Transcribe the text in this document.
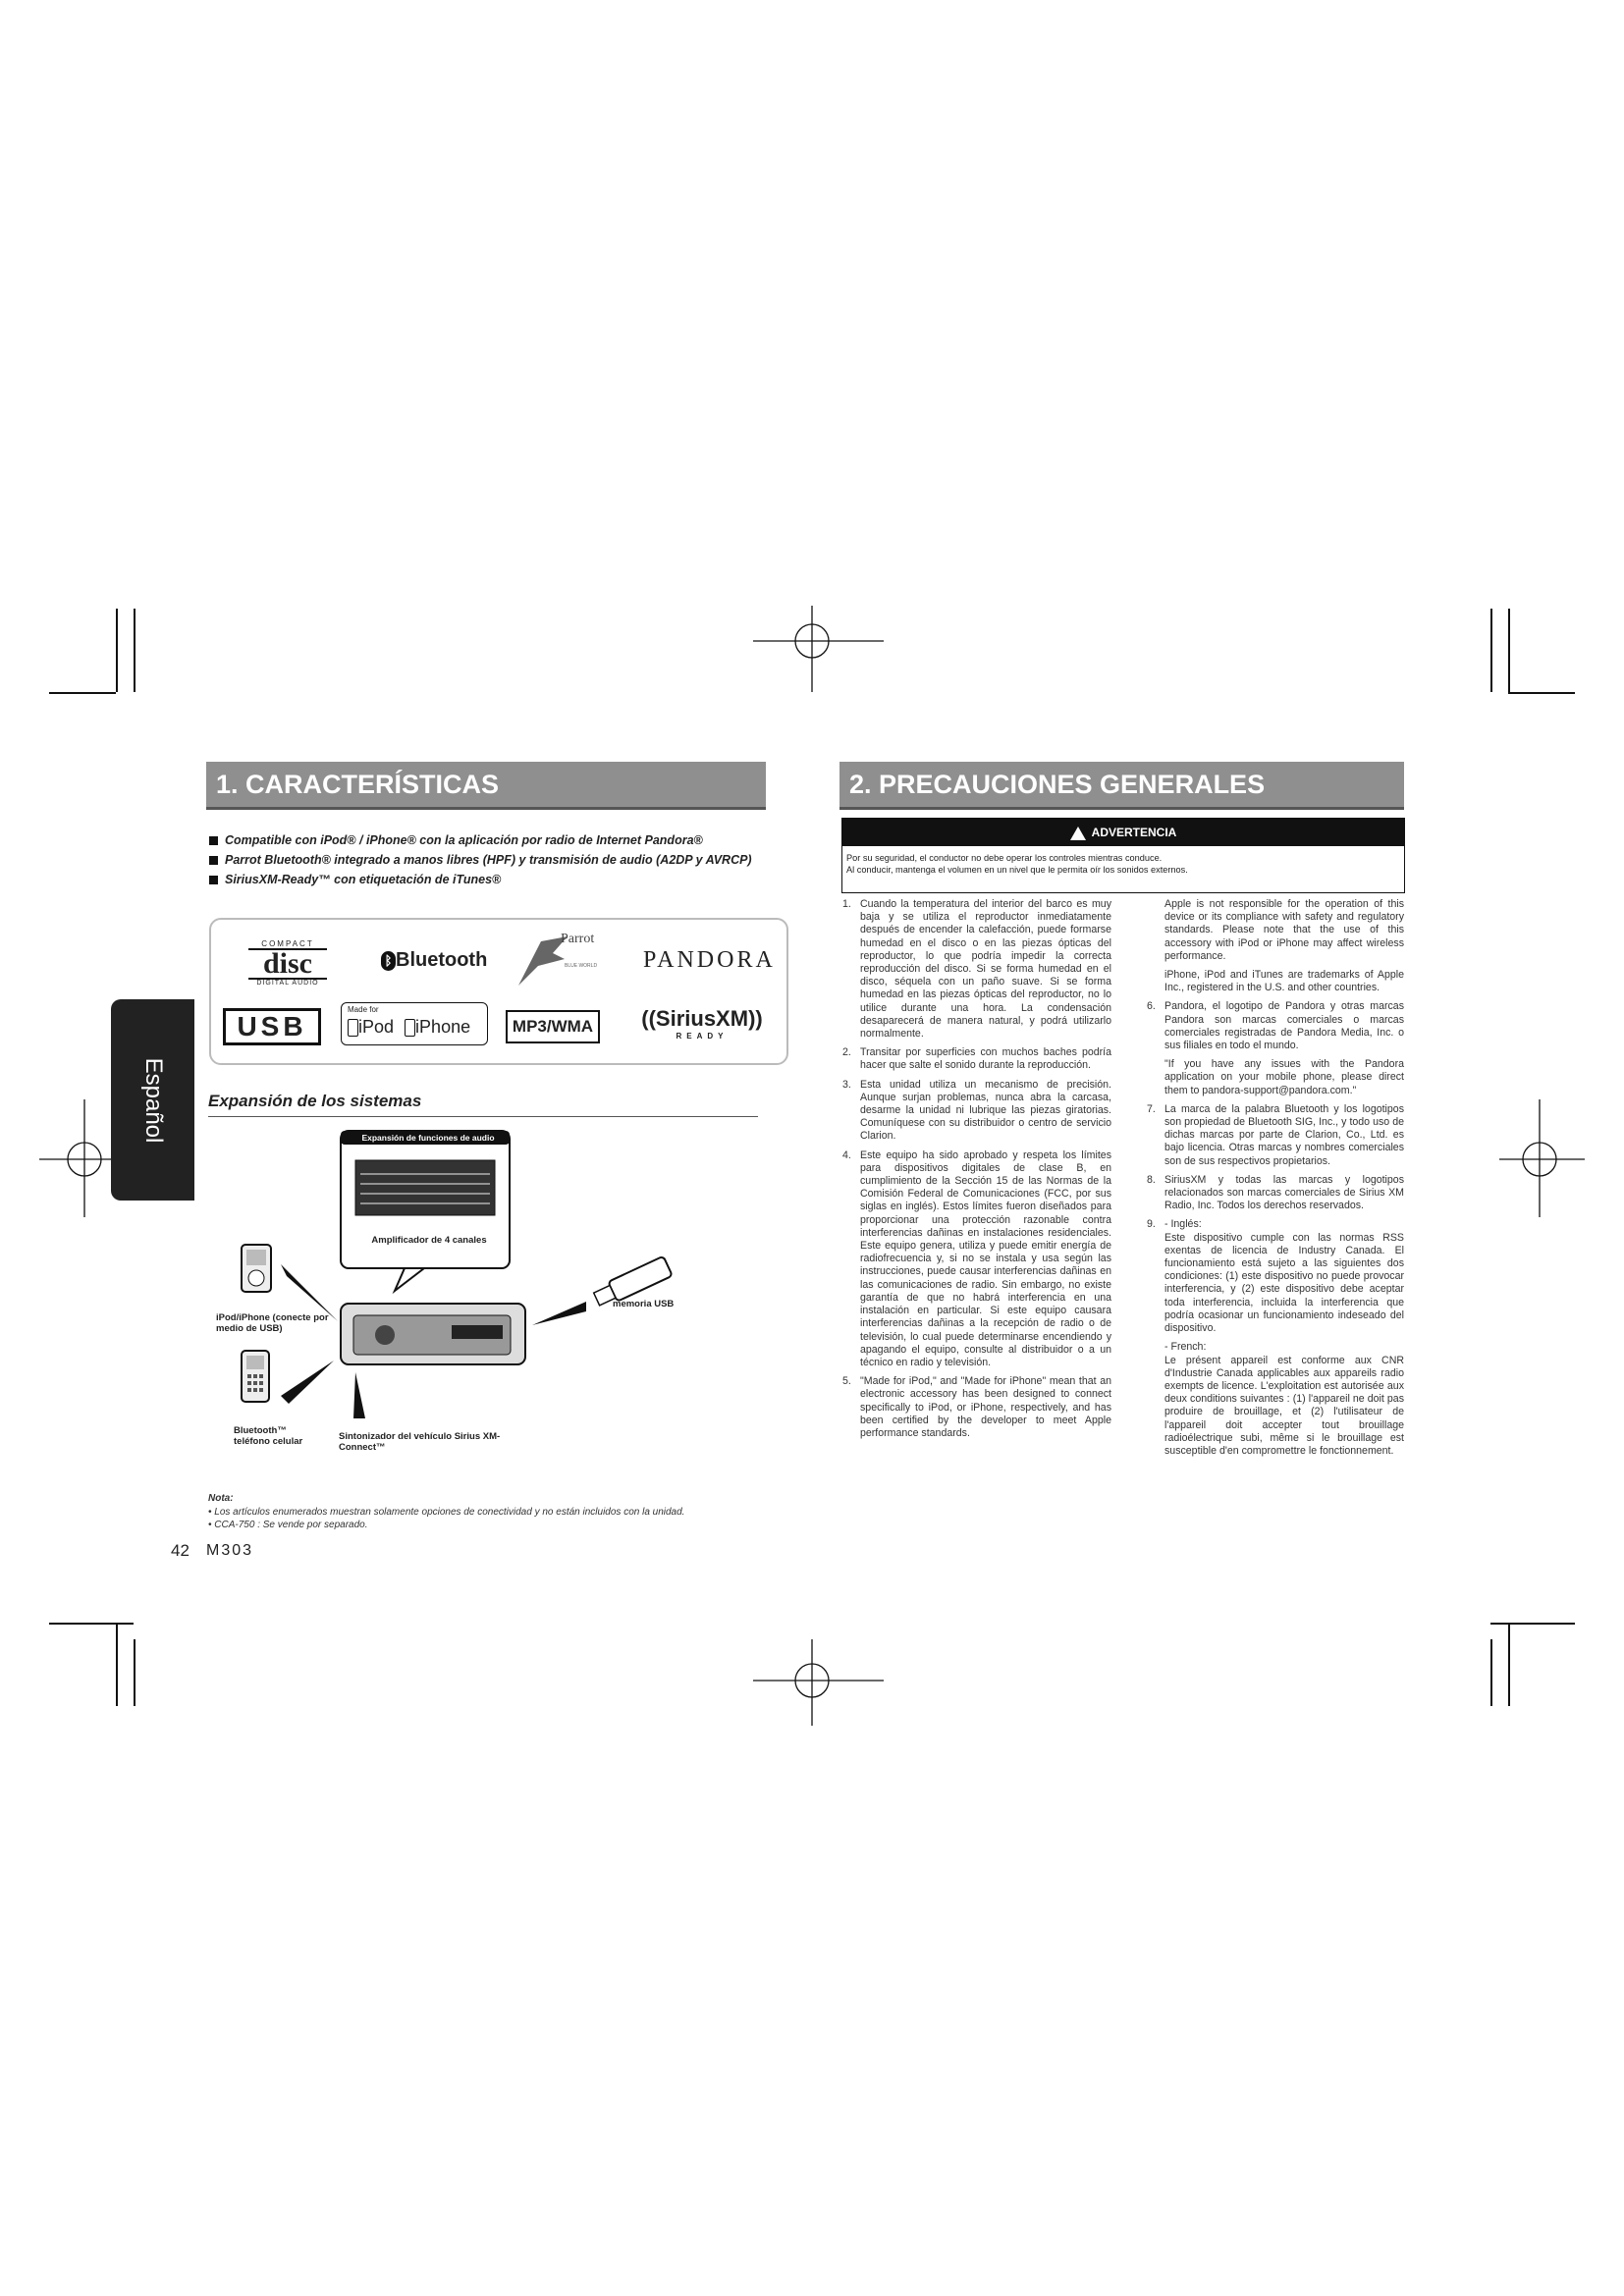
1. CARACTERÍSTICAS
Compatible con iPod® / iPhone® con la aplicación por radio de Internet Pandora®
Parrot Bluetooth® integrado a manos libres (HPF) y transmisión de audio (A2DP y AVRCP)
SiriusXM-Ready™ con etiquetación de iTunes®
COMPACT
disc
DIGITAL AUDIO
ᛒ Bluetooth
Parrot
BLUE WORLD PANDORA
USB
Made for
iPod iPhone	MP3/WMA	((SiriusXM))
READY
Español	Expansión de los sistemas
Expansión de funciones de audio
Amplificador de 4 canales
iPod/iPhone (conecte por medio de USB)
memoria USB
Bluetooth™ teléfono celular	Sintonizador del vehículo Sirius XM-Connect™
Nota:
• Los artículos enumerados muestran solamente opciones de conectividad y no están incluidos con la unidad.
• CCA-750 : Se vende por separado.
42 M303
2. PRECAUCIONES GENERALES
ADVERTENCIA
Por su seguridad, el conductor no debe operar los controles mientras conduce.
Al conducir, mantenga el volumen en un nivel que le permita oír los sonidos externos.
1. Cuando la temperatura del interior del barco es muy baja y se utiliza el reproductor inmediatamente después de encender la calefacción, puede formarse humedad en el disco o en las piezas ópticas del reproductor, lo que podría impedir la correcta reproducción del disco. Si se forma humedad en el disco, séquela con un paño suave. Si se forma humedad en las piezas ópticas del reproductor, no lo utilice durante una hora. La condensación desaparecerá de manera natural, y podrá utilizarlo normalmente.
2. Transitar por superficies con muchos baches podría hacer que salte el sonido durante la reproducción.
3. Esta unidad utiliza un mecanismo de precisión. Aunque surjan problemas, nunca abra la carcasa, desarme la unidad ni lubrique las piezas giratorias. Comuníquese con su distribuidor o centro de servicio Clarion.
4. Este equipo ha sido aprobado y respeta los límites para dispositivos digitales de clase B, en cumplimiento de la Sección 15 de las Normas de la Comisión Federal de Comunicaciones (FCC, por sus siglas en inglés). Estos límites fueron diseñados para proporcionar una protección razonable contra interferencias dañinas en instalaciones residenciales. Este equipo genera, utiliza y puede emitir energía de radiofrecuencia y, si no se instala y usa según las instrucciones, puede causar interferencias dañinas en las comunicaciones de radio. Sin embargo, no existe garantía de que no habrá interferencia en una instalación en particular. Si este equipo causara interferencias dañinas a la recepción de radio o de televisión, lo cual puede determinarse encendiendo y apagando el equipo, consulte al distribuidor o a un técnico en radio y televisión.
5. "Made for iPod," and "Made for iPhone" mean that an electronic accessory has been designed to connect specifically to iPod, or iPhone, respectively, and has been certified by the developer to meet Apple performance standards.
Apple is not responsible for the operation of this device or its compliance with safety and regulatory standards. Please note that the use of this accessory with iPod or iPhone may affect wireless performance.
iPhone, iPod and iTunes are trademarks of Apple Inc., registered in the U.S. and other countries.
6. Pandora, el logotipo de Pandora y otras marcas Pandora son marcas comerciales o marcas comerciales registradas de Pandora Media, Inc. o sus filiales en todo el mundo.
"If you have any issues with the Pandora application on your mobile phone, please direct them to pandora-support@pandora.com."
7. La marca de la palabra Bluetooth y los logotipos son propiedad de Bluetooth SIG, Inc., y todo uso de dichas marcas por parte de Clarion, Co., Ltd. es bajo licencia. Otras marcas y nombres comerciales son de sus respectivos propietarios.
8. SiriusXM y todas las marcas y logotipos relacionados son marcas comerciales de Sirius XM Radio, Inc. Todos los derechos reservados.
9. - Inglés:
Este dispositivo cumple con las normas RSS exentas de licencia de Industry Canada. El funcionamiento está sujeto a las siguientes dos condiciones: (1) este dispositivo no puede provocar interferencia, y (2) este dispositivo debe aceptar toda interferencia, incluida la interferencia que podría ocasionar un funcionamiento indeseado del dispositivo.
- French:
Le présent appareil est conforme aux CNR d'Industrie Canada applicables aux appareils radio exempts de licence. L'exploitation est autorisée aux deux conditions suivantes : (1) l'appareil ne doit pas produire de brouillage, et (2) l'utilisateur de l'appareil doit accepter tout brouillage radioélectrique subi, même si le brouillage est susceptible d'en compromettre le fonctionnement.
